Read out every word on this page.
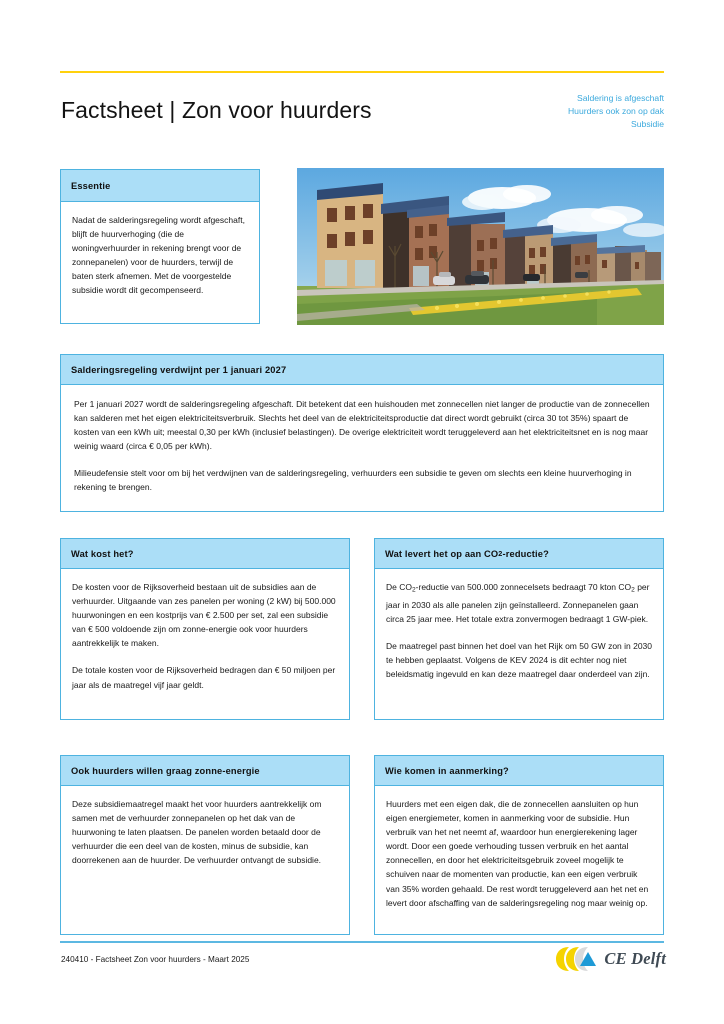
Factsheet | Zon voor huurders	Saldering is afgeschaft
Huurders ook zon op dak
Subsidie
Essentie

Nadat de salderingsregeling wordt afgeschaft, blijft de huurverhoging (die de woningverhuurder in rekening brengt voor de zonnepanelen) voor de huurders, terwijl de baten sterk afnemen. Met de voorgestelde subsidie wordt dit gecompenseerd.

Salderingsregeling verdwijnt per 1 januari 2027

Per 1 januari 2027 wordt de salderingsregeling afgeschaft. Dit betekent dat een huishouden met zonnecellen niet langer de productie van de zonnecellen kan salderen met het eigen elektriciteitsverbruik. Slechts het deel van de elektriciteitsproductie dat direct wordt gebruikt (circa 30 tot 35%) spaart de kosten van een kWh uit; meestal 0,30 per kWh (inclusief belastingen). De overige elektriciteit wordt teruggeleverd aan het elektriciteitsnet en is nog maar weinig waard (circa € 0,05 per kWh).

Milieudefensie stelt voor om bij het verdwijnen van de salderingsregeling, verhuurders een subsidie te geven om slechts een kleine huurverhoging in rekening te brengen.

Wat kost het?

De kosten voor de Rijksoverheid bestaan uit de subsidies aan de verhuurder. Uitgaande van zes panelen per woning (2 kW) bij 500.000 huurwoningen en een kostprijs van € 2.500 per set, zal een subsidie van € 500 voldoende zijn om zonne-energie ook voor huurders aantrekkelijk te maken.

De totale kosten voor de Rijksoverheid bedragen dan € 50 miljoen per jaar als de maatregel vijf jaar geldt.

Wat levert het op aan CO 2 -reductie?

De $CO_2$-reductie van 500.000 zonnecelsets bedraagt 70 kton $CO_2$ per jaar in 2030 als alle panelen zijn geïnstalleerd. Zonnepanelen gaan circa 25 jaar mee. Het totale extra zonvermogen bedraagt 1 GW-piek.

De maatregel past binnen het doel van het Rijk om 50 GW zon in 2030 te hebben geplaatst. Volgens de KEV 2024 is dit echter nog niet beleidsmatig ingevuld en kan deze maatregel daar onderdeel van zijn.

Ook huurders willen graag zonne-energie

Deze subsidiemaatregel maakt het voor huurders aantrekkelijk om samen met de verhuurder zonnepanelen op het dak van de huurwoning te laten plaatsen. De panelen worden betaald door de verhuurder die een deel van de kosten, minus de subsidie, kan doorrekenen aan de huurder. De verhuurder ontvangt de subsidie.

Wie komen in aanmerking?

Huurders met een eigen dak, die de zonnecellen aansluiten op hun eigen energiemeter, komen in aanmerking voor de subsidie. Hun verbruik van het net neemt af, waardoor hun energierekening lager wordt. Door een goede verhouding tussen verbruik en het aantal zonnecellen, en door het elektriciteitsgebruik zoveel mogelijk te schuiven naar de momenten van productie, kan een eigen verbruik van 35% worden gehaald. De rest wordt teruggeleverd aan het net en levert door afschaffing van de salderingsregeling nog maar weinig op.

240410 - Factsheet Zon voor huurders - Maart 2025	CE Delft
